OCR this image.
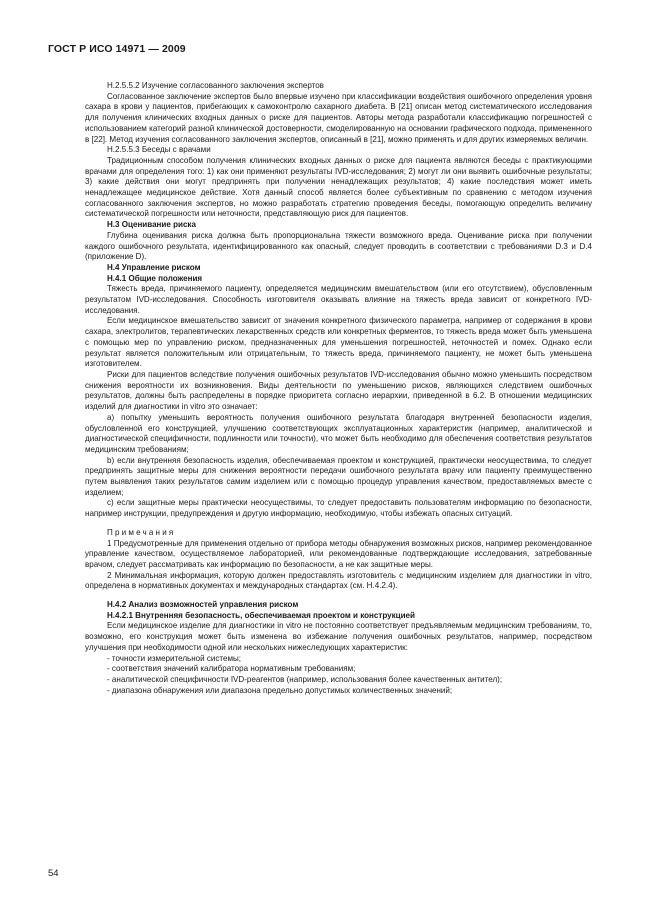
ГОСТ Р ИСО 14971 — 2009

Н.2.5.5.2 Изучение согласованного заключения экспертов

Согласованное заключение экспертов было впервые изучено при классификации воздействия ошибочного определения уровня сахара в крови у пациентов, прибегающих к самоконтролю сахарного диабета. В [21] описан метод систематического исследования для получения клинических входных данных о риске для пациентов. Авторы метода разработали классификацию погрешностей с использованием категорий разной клинической достоверности, смоделированную на основании графического подхода, примененного в [22]. Метод изучения согласованного заключения экспертов, описанный в [21], можно применять и для других измеряемых величин.

Н.2.5.5.3 Беседы с врачами

Традиционным способом получения клинических входных данных о риске для пациента являются беседы с практикующими врачами для определения того: 1) как они применяют результаты IVD-исследования; 2) могут ли они выявить ошибочные результаты; 3) какие действия они могут предпринять при получении ненадлежащих результатов; 4) какие последствия может иметь ненадлежащее медицинское действие. Хотя данный способ является более субъективным по сравнению с методом изучения согласованного заключения экспертов, но можно разработать стратегию проведения беседы, помогающую определить величину систематической погрешности или неточности, представляющую риск для пациентов.

Н.3 Оценивание риска

Глубина оценивания риска должна быть пропорциональна тяжести возможного вреда. Оценивание риска при получении каждого ошибочного результата, идентифицированного как опасный, следует проводить в соответствии с требованиями D.3 и D.4 (приложение D).

Н.4 Управление риском

Н.4.1 Общие положения

Тяжесть вреда, причиняемого пациенту, определяется медицинским вмешательством (или его отсутствием), обусловленным результатом IVD-исследования. Способность изготовителя оказывать влияние на тяжесть вреда зависит от конкретного IVD-исследования.

Если медицинское вмешательство зависит от значения конкретного физического параметра, например от содержания в крови сахара, электролитов, терапевтических лекарственных средств или конкретных ферментов, то тяжесть вреда может быть уменьшена с помощью мер по управлению риском, предназначенных для уменьшения погрешностей, неточностей и помех. Однако если результат является положительным или отрицательным, то тяжесть вреда, причиняемого пациенту, не может быть уменьшена изготовителем.

Риски для пациентов вследствие получения ошибочных результатов IVD-исследования обычно можно уменьшить посредством снижения вероятности их возникновения. Виды деятельности по уменьшению рисков, являющихся следствием ошибочных результатов, должны быть распределены в порядке приоритета согласно иерархии, приведенной в 6.2. В отношении медицинских изделий для диагностики in vitro это означает:

а) попытку уменьшить вероятность получения ошибочного результата благодаря внутренней безопасности изделия, обусловленной его конструкцией, улучшению соответствующих эксплуатационных характеристик (например, аналитической и диагностической специфичности, подлинности или точности), что может быть необходимо для обеспечения соответствия результатов медицинским требованиям;

b) если внутренняя безопасность изделия, обеспечиваемая проектом и конструкцией, практически неосуществима, то следует предпринять защитные меры для снижения вероятности передачи ошибочного результата врачу или пациенту преимущественно путем выявления таких результатов самим изделием или с помощью процедур управления качеством, предоставляемых вместе с изделием;

с) если защитные меры практически неосуществимы, то следует предоставить пользователям информацию по безопасности, например инструкции, предупреждения и другую информацию, необходимую, чтобы избежать опасных ситуаций.

Примечания

1 Предусмотренные для применения отдельно от прибора методы обнаружения возможных рисков, например рекомендованное управление качеством, осуществляемое лабораторией, или рекомендованные подтверждающие исследования, затребованные врачом, следует рассматривать как информацию по безопасности, а не как защитные меры.

2 Минимальная информация, которую должен предоставлять изготовитель с медицинским изделием для диагностики in vitro, определена в нормативных документах и международных стандартах (см. Н.4.2.4).

Н.4.2 Анализ возможностей управления риском

Н.4.2.1 Внутренняя безопасность, обеспечиваемая проектом и конструкцией

Если медицинское изделие для диагностики in vitro не постоянно соответствует предъявляемым медицинским требованиям, то, возможно, его конструкция может быть изменена во избежание получения ошибочных результатов, например, посредством улучшения при необходимости одной или нескольких нижеследующих характеристик:

- точности измерительной системы;

- соответствия значений калибратора нормативным требованиям;

- аналитической специфичности IVD-реагентов (например, использования более качественных антител);

- диапазона обнаружения или диапазона предельно допустимых количественных значений;

54
